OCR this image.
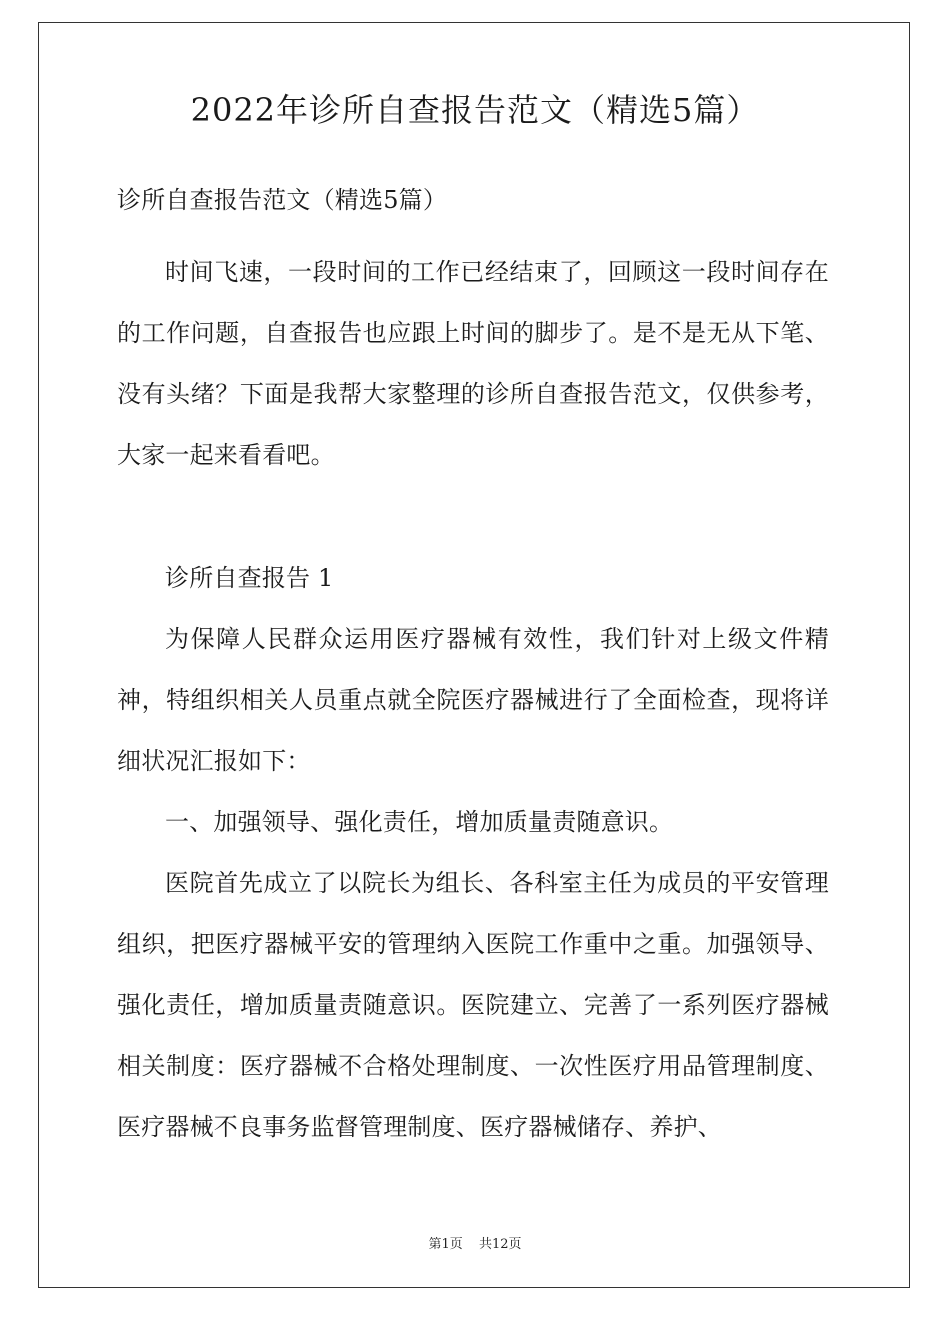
2022年诊所自查报告范文（精选5篇）

诊所自查报告范文（精选5篇）

时间飞速，一段时间的工作已经结束了，回顾这一段时间存在的工作问题，自查报告也应跟上时间的脚步了。是不是无从下笔、没有头绪？下面是我帮大家整理的诊所自查报告范文，仅供参考，大家一起来看看吧。

诊所自查报告 1

为保障人民群众运用医疗器械有效性，我们针对上级文件精神，特组织相关人员重点就全院医疗器械进行了全面检查，现将详细状况汇报如下：

一、加强领导、强化责任，增加质量责随意识。

医院首先成立了以院长为组长、各科室主任为成员的平安管理组织，把医疗器械平安的管理纳入医院工作重中之重。加强领导、强化责任，增加质量责随意识。医院建立、完善了一系列医疗器械相关制度：医疗器械不合格处理制度、一次性医疗用品管理制度、医疗器械不良事务监督管理制度、医疗器械储存、养护、

第1页 共12页
